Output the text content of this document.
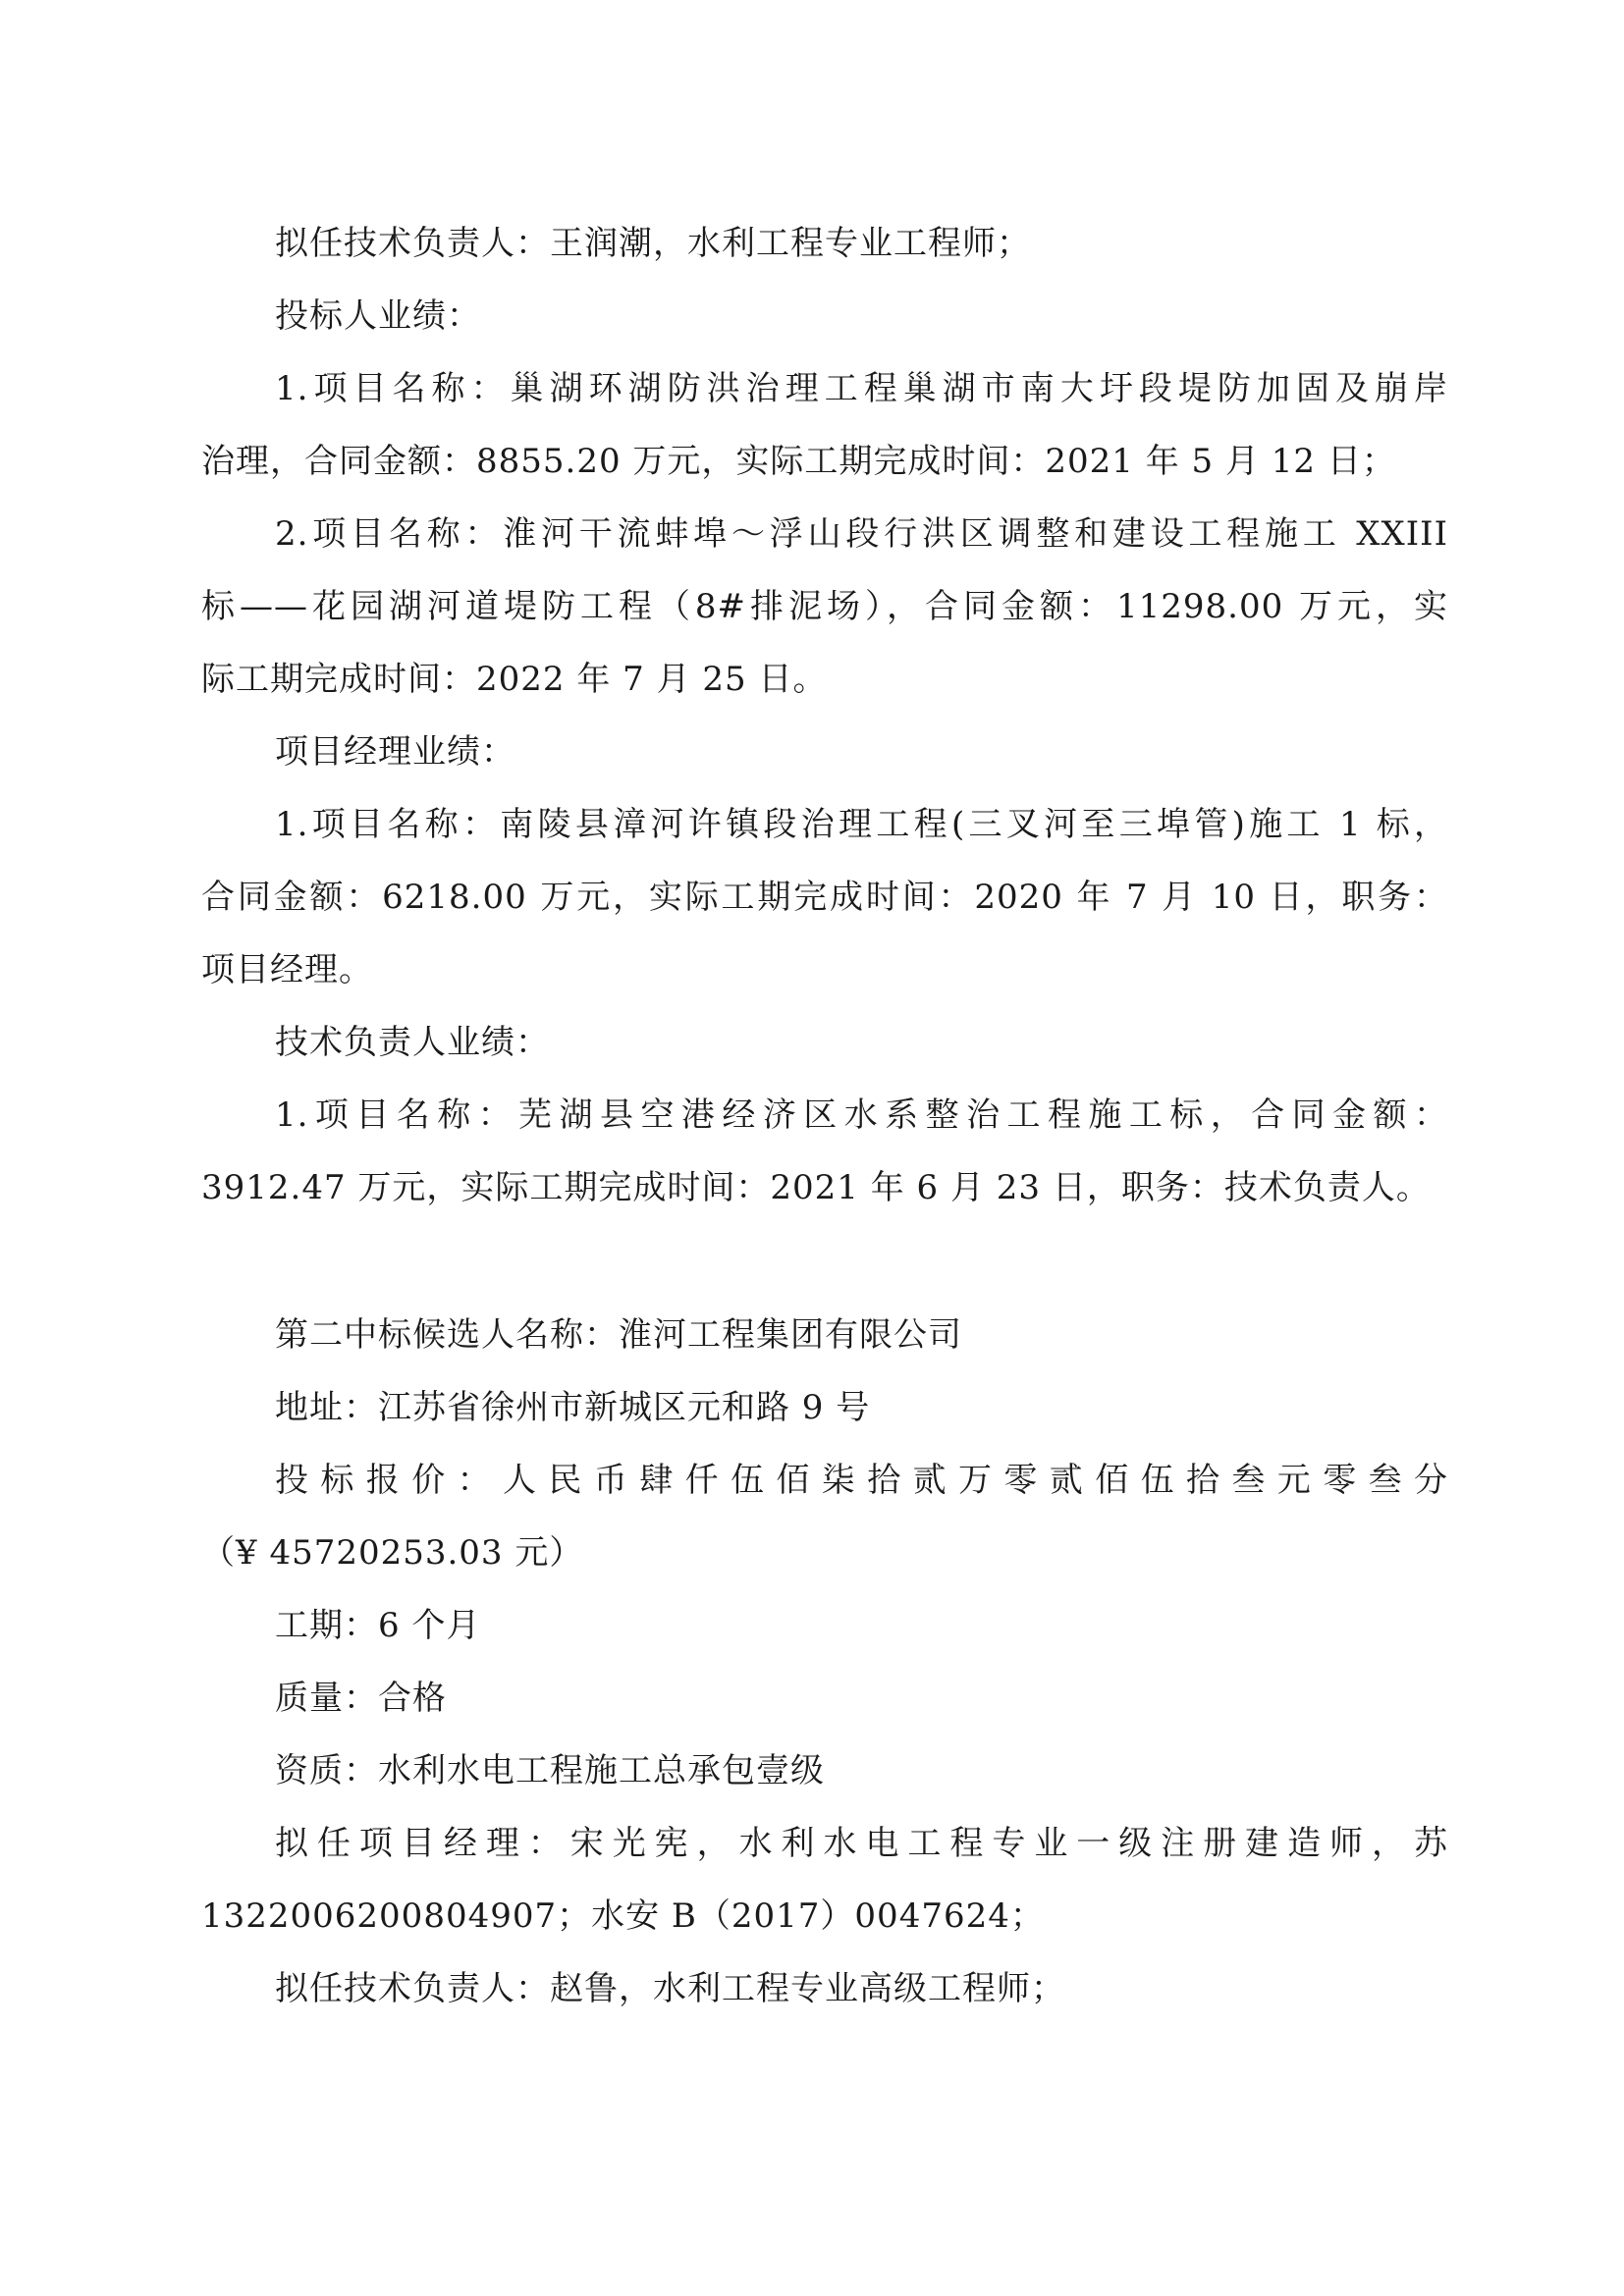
拟任技术负责人：王润潮，水利工程专业工程师；
投标人业绩：
1.项目名称：巢湖环湖防洪治理工程巢湖市南大圩段堤防加固及崩岸
治理，合同金额：8855.20 万元，实际工期完成时间：2021 年 5 月 12 日；
2.项目名称：淮河干流蚌埠～浮山段行洪区调整和建设工程施工 XXIII
标——花园湖河道堤防工程（8#排泥场），合同金额：11298.00 万元，实
际工期完成时间：2022 年 7 月 25 日。
项目经理业绩：
1.项目名称：南陵县漳河许镇段治理工程(三叉河至三埠管)施工 1 标，
合同金额：6218.00 万元，实际工期完成时间：2020 年 7 月 10 日，职务：
项目经理。
技术负责人业绩：
1.项目名称：芜湖县空港经济区水系整治工程施工标，合同金额：
3912.47 万元，实际工期完成时间：2021 年 6 月 23 日，职务：技术负责人。
第二中标候选人名称：淮河工程集团有限公司
地址：江苏省徐州市新城区元和路 9 号
投标报价：人民币肆仟伍佰柒拾贰万零贰佰伍拾叁元零叁分
（¥ 45720253.03 元）
工期：6 个月
质量：合格
资质：水利水电工程施工总承包壹级
拟任项目经理：宋光宪，水利水电工程专业一级注册建造师，苏
1322006200804907；水安 B（2017）0047624；
拟任技术负责人：赵鲁，水利工程专业高级工程师；
